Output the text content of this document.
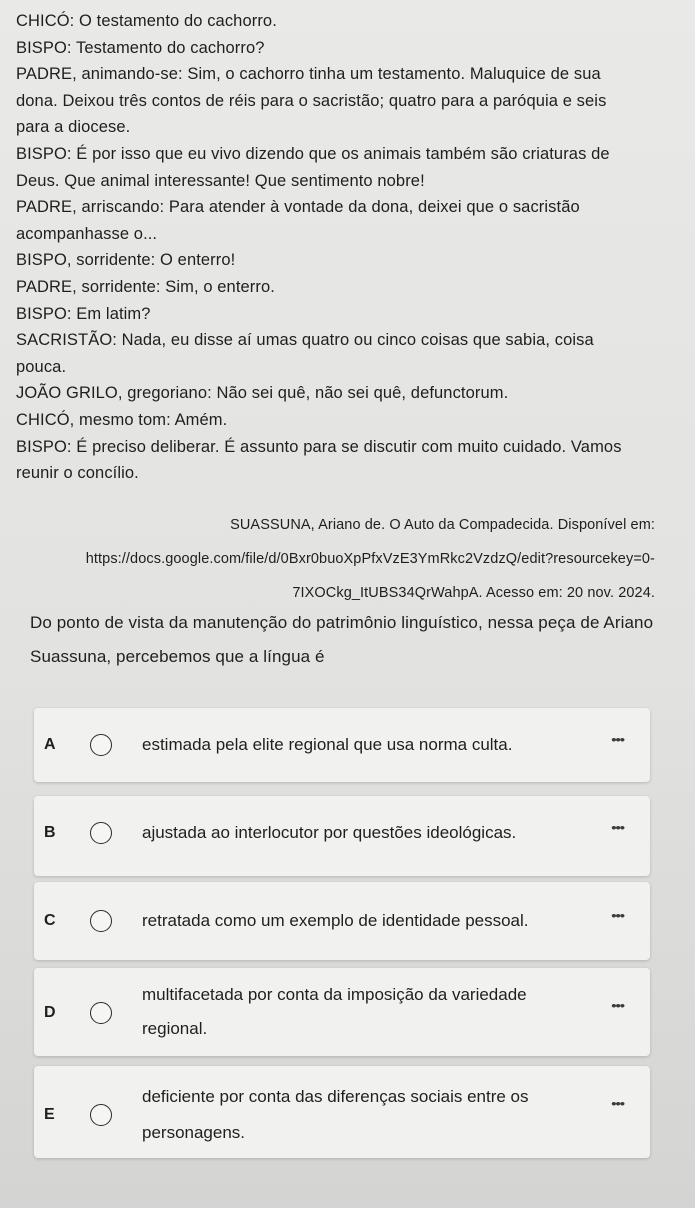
CHICÓ: O testamento do cachorro.

BISPO: Testamento do cachorro?

PADRE, animando-se: Sim, o cachorro tinha um testamento. Maluquice de sua

dona. Deixou três contos de réis para o sacristão; quatro para a paróquia e seis

para a diocese.

BISPO: É por isso que eu vivo dizendo que os animais também são criaturas de

Deus. Que animal interessante! Que sentimento nobre!

PADRE, arriscando: Para atender à vontade da dona, deixei que o sacristão

acompanhasse o...

BISPO, sorridente: O enterro!

PADRE, sorridente: Sim, o enterro.

BISPO: Em latim?

SACRISTÃO: Nada, eu disse aí umas quatro ou cinco coisas que sabia, coisa

pouca.

JOÃO GRILO, gregoriano: Não sei quê, não sei quê, defunctorum.

CHICÓ, mesmo tom: Amém.

BISPO: É preciso deliberar. É assunto para se discutir com muito cuidado. Vamos

reunir o concílio.

SUASSUNA, Ariano de. O Auto da Compadecida. Disponível em:

https://docs.google.com/file/d/0Bxr0buoXpPfxVzE3YmRkc2VzdzQ/edit?resourcekey=0-

7IXOCkg_ItUBS34QrWahpA. Acesso em: 20 nov. 2024.

Do ponto de vista da manutenção do patrimônio linguístico, nessa peça de Ariano

Suassuna, percebemos que a língua é

A	estimada pela elite regional que usa norma culta.	•••
B	ajustada ao interlocutor por questões ideológicas.	•••
C	retratada como um exemplo de identidade pessoal.	•••
D
multifacetada por conta da imposição da variedade
regional.
•••
E
deficiente por conta das diferenças sociais entre os
personagens.
•••
